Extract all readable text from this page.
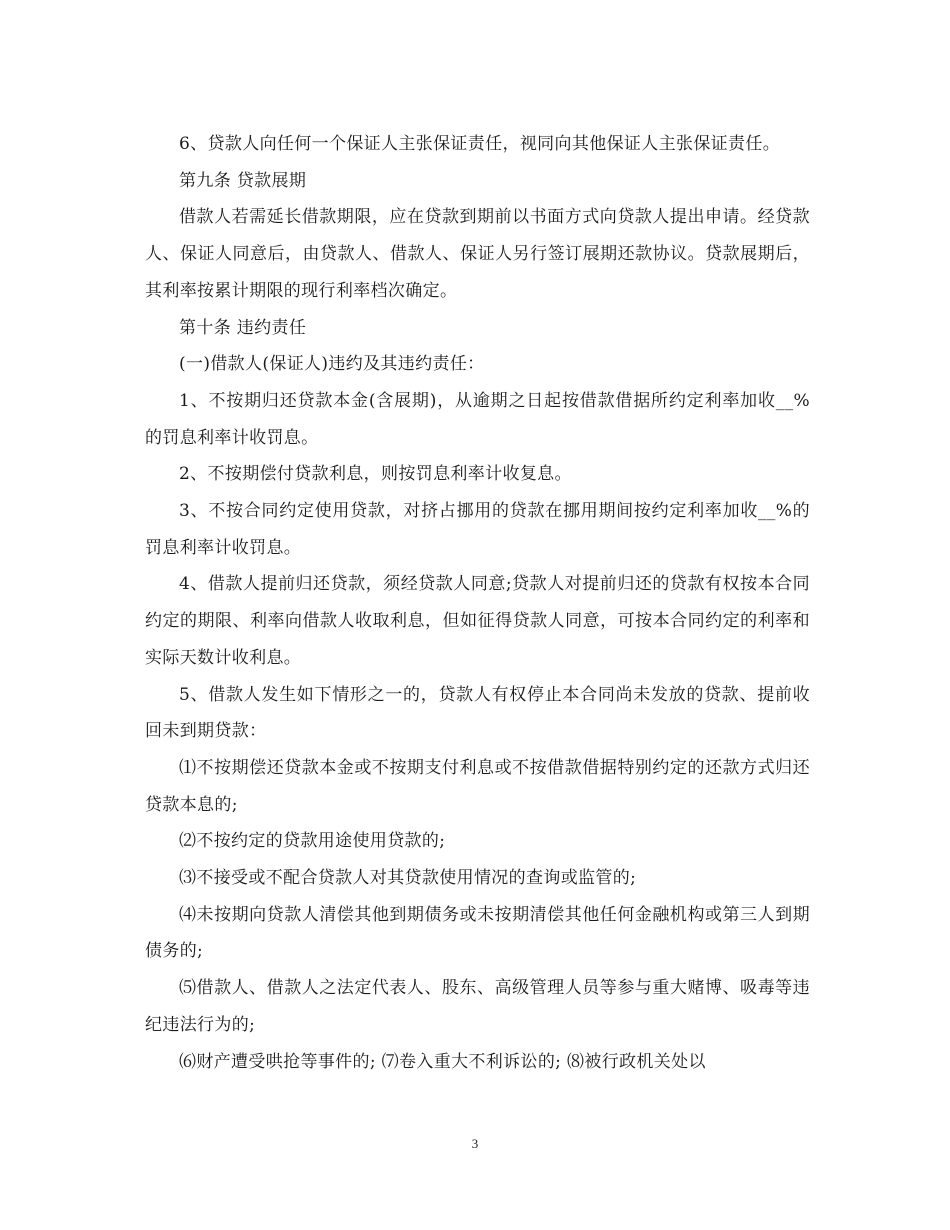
6、贷款人向任何一个保证人主张保证责任，视同向其他保证人主张保证责任。

第九条 贷款展期

借款人若需延长借款期限，应在贷款到期前以书面方式向贷款人提出申请。经贷款人、保证人同意后，由贷款人、借款人、保证人另行签订展期还款协议。贷款展期后，其利率按累计期限的现行利率档次确定。

第十条 违约责任

(一)借款人(保证人)违约及其违约责任：

1、不按期归还贷款本金(含展期)，从逾期之日起按借款借据所约定利率加收__%的罚息利率计收罚息。

2、不按期偿付贷款利息，则按罚息利率计收复息。

3、不按合同约定使用贷款，对挤占挪用的贷款在挪用期间按约定利率加收__%的罚息利率计收罚息。

4、借款人提前归还贷款，须经贷款人同意;贷款人对提前归还的贷款有权按本合同约定的期限、利率向借款人收取利息，但如征得贷款人同意，可按本合同约定的利率和实际天数计收利息。

5、借款人发生如下情形之一的，贷款人有权停止本合同尚未发放的贷款、提前收回未到期贷款：

⑴不按期偿还贷款本金或不按期支付利息或不按借款借据特别约定的还款方式归还贷款本息的;

⑵不按约定的贷款用途使用贷款的;

⑶不接受或不配合贷款人对其贷款使用情况的查询或监管的;

⑷未按期向贷款人清偿其他到期债务或未按期清偿其他任何金融机构或第三人到期债务的;

⑸借款人、借款人之法定代表人、股东、高级管理人员等参与重大赌博、吸毒等违纪违法行为的;

⑹财产遭受哄抢等事件的; ⑺卷入重大不利诉讼的; ⑻被行政机关处以

3
